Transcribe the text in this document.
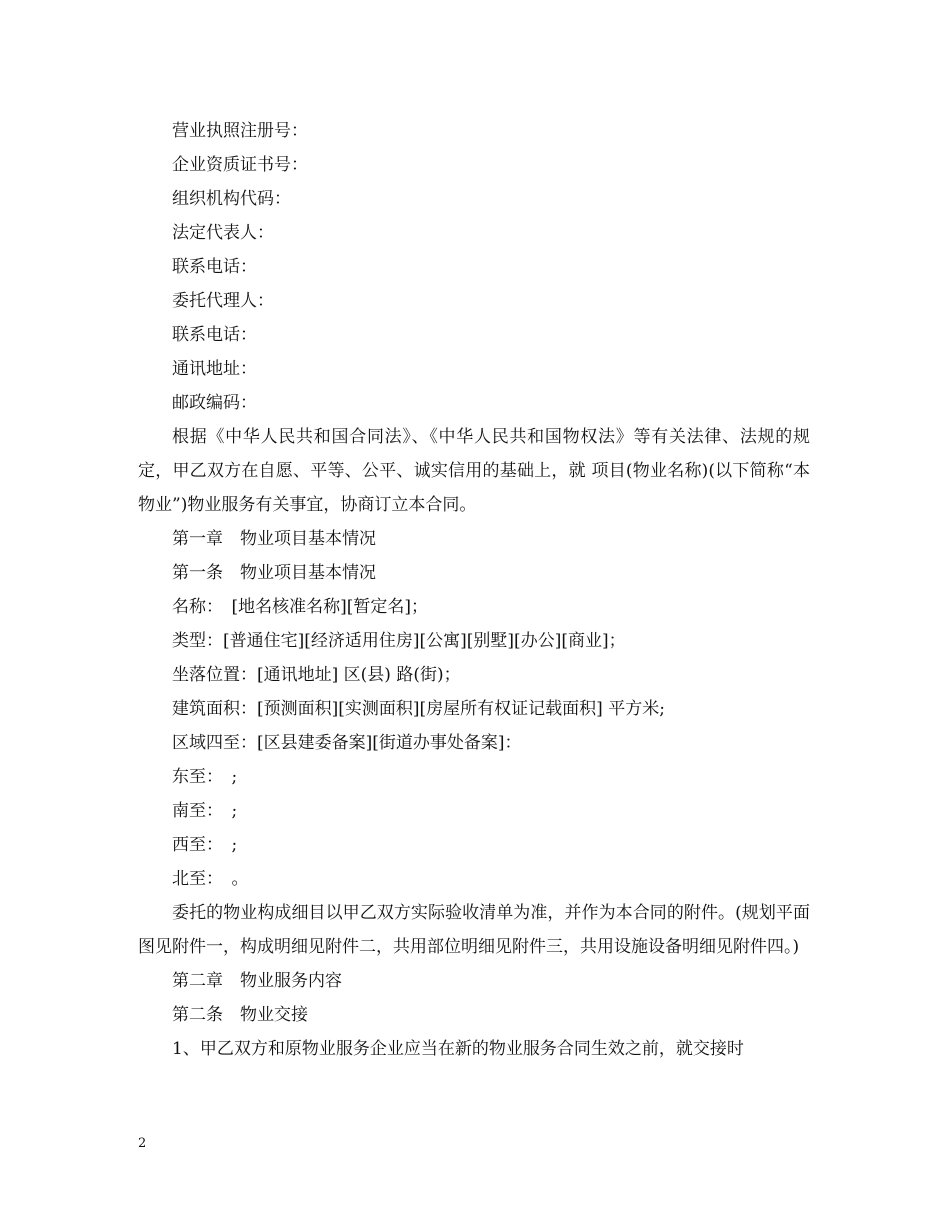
营业执照注册号：
企业资质证书号：
组织机构代码：
法定代表人：
联系电话：
委托代理人：
联系电话：
通讯地址：
邮政编码：
根据《中华人民共和国合同法》、《中华人民共和国物权法》等有关法律、法规的规定，甲乙双方在自愿、平等、公平、诚实信用的基础上，就 项目(物业名称)(以下简称“本物业”)物业服务有关事宜，协商订立本合同。
第一章　物业项目基本情况
第一条　物业项目基本情况
名称：　[地名核准名称][暂定名]；
类型：[普通住宅][经济适用住房][公寓][别墅][办公][商业]；
坐落位置：[通讯地址] 区(县) 路(街)；
建筑面积：[预测面积][实测面积][房屋所有权证记载面积] 平方米;
区域四至：[区县建委备案][街道办事处备案]：
东至：　;
南至：　;
西至：　;
北至：　。
委托的物业构成细目以甲乙双方实际验收清单为准，并作为本合同的附件。(规划平面图见附件一，构成明细见附件二，共用部位明细见附件三，共用设施设备明细见附件四。)
第二章　物业服务内容
第二条　物业交接
1、甲乙双方和原物业服务企业应当在新的物业服务合同生效之前，就交接时
2
